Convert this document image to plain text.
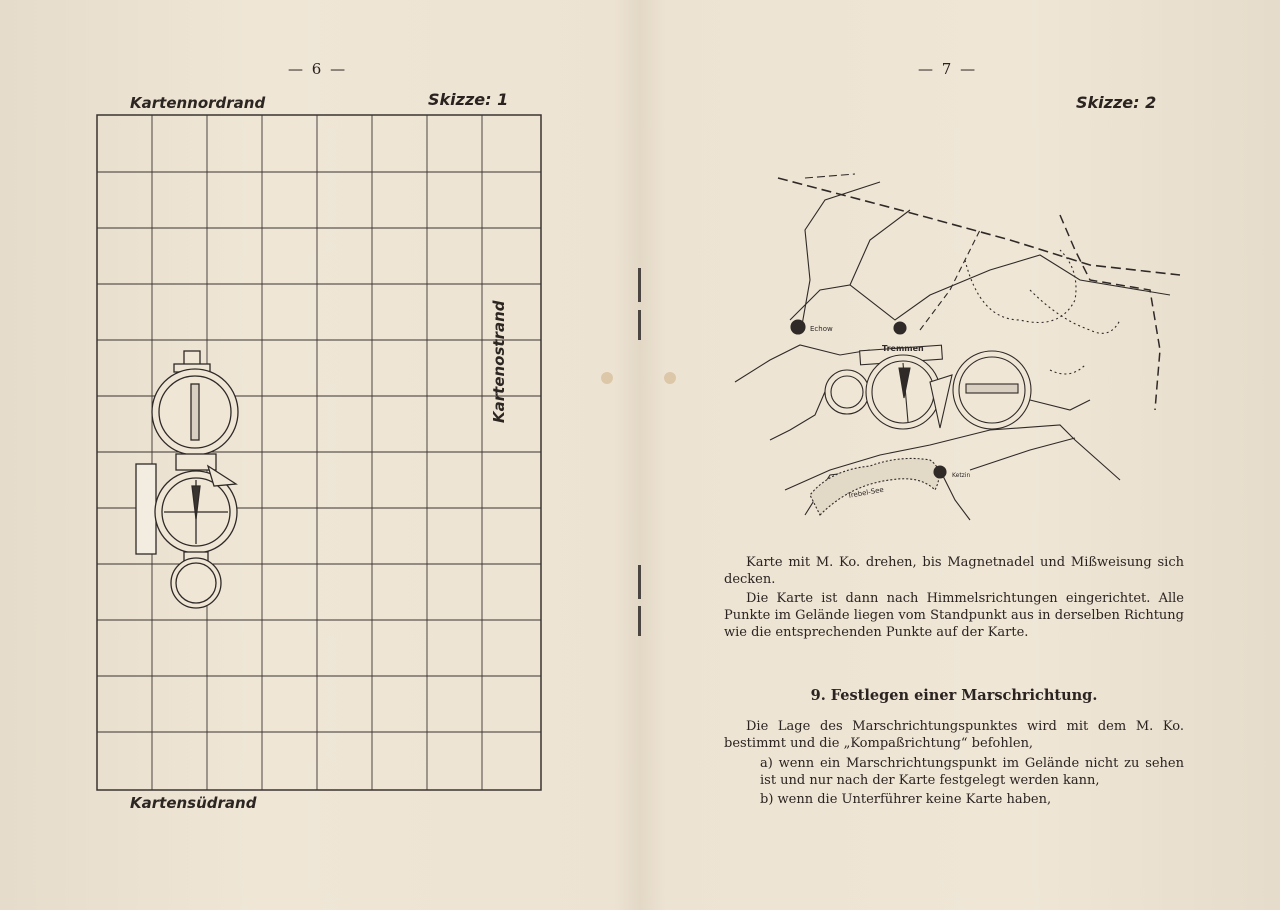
— 6 —
Skizze: 1
Kartennordrand
Kartensüdrand
Kartenostrand
— 7 —
Skizze: 2
Echow
Tremmen
Ketzin
Trebel-See

Karte mit M. Ko. drehen, bis Magnetnadel und Mißweisung sich decken.

Die Karte ist dann nach Himmelsrichtungen eingerichtet. Alle Punkte im Gelände liegen vom Standpunkt aus in derselben Richtung wie die entsprechenden Punkte auf der Karte.

9. Festlegen einer Marschrichtung.

Die Lage des Marschrichtungspunktes wird mit dem M. Ko. bestimmt und die „Kompaßrichtung“ befohlen,

a) wenn ein Marschrichtungspunkt im Gelände nicht zu sehen ist und nur nach der Karte festgelegt werden kann,

b) wenn die Unterführer keine Karte haben,
